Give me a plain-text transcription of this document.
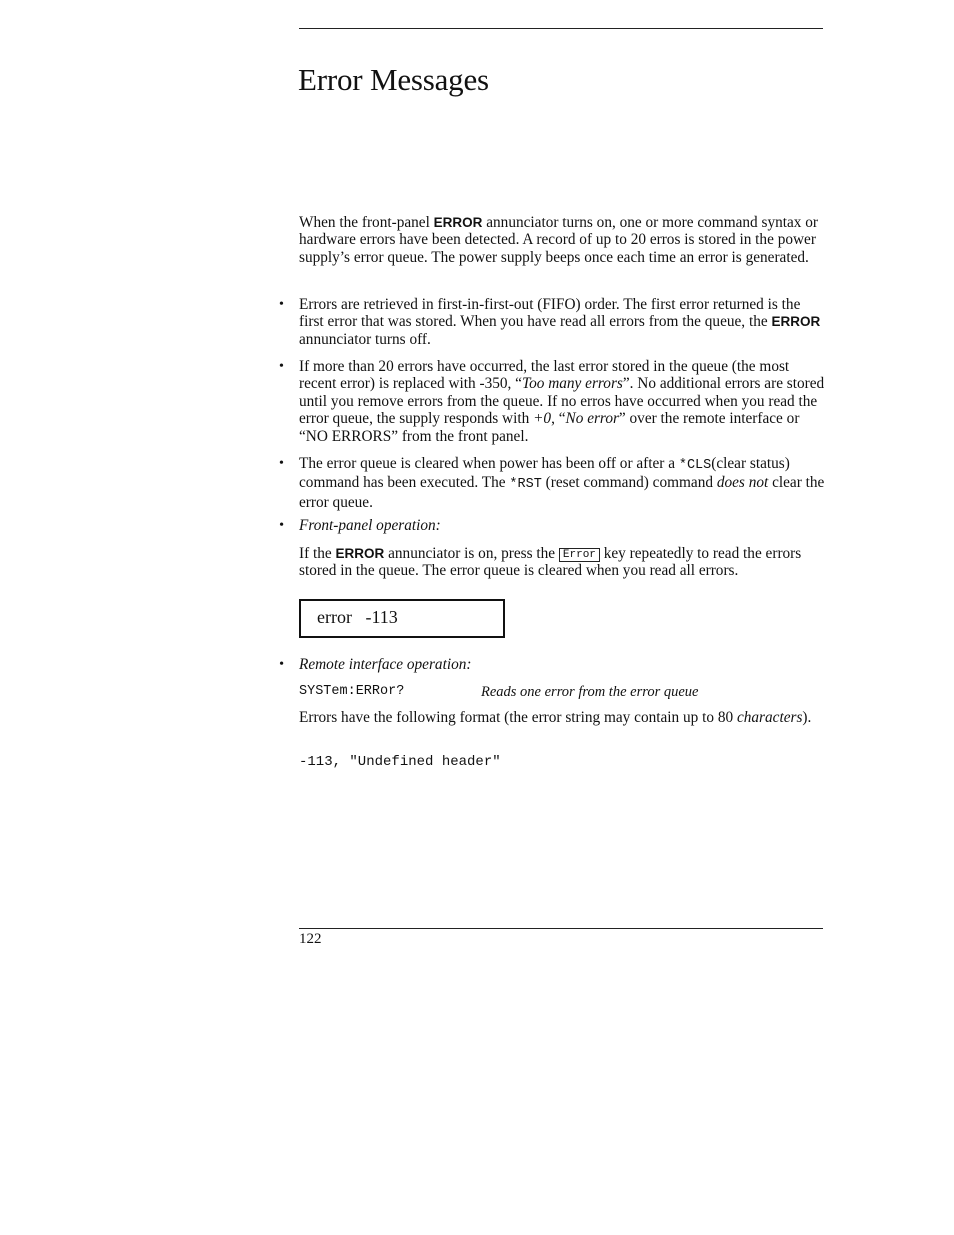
Error Messages

When the front-panel ERROR annunciator turns on, one or more command syntax or hardware errors have been detected. A record of up to 20 erros is stored in the power supply’s error queue. The power supply beeps once each time an error is generated.

• Errors are retrieved in first-in-first-out (FIFO) order. The first error returned is the first error that was stored. When you have read all errors from the queue, the ERROR annunciator turns off.

• If more than 20 errors have occurred, the last error stored in the queue (the most recent error) is replaced with -350, “Too many errors”. No additional errors are stored until you remove errors from the queue. If no erros have occurred when you read the error queue, the supply responds with +0, “No error” over the remote interface or “NO ERRORS” from the front panel.

• The error queue is cleared when power has been off or after a *CLS(clear status) command has been executed. The *RST (reset command) command does not clear the error queue.

• Front-panel operation:

If the ERROR annunciator is on, press the Error key repeatedly to read the errors stored in the queue. The error queue is cleared when you read all errors.

error   -113

• Remote interface operation:

SYSTem:ERRor?	Reads one error from the error queue

Errors have the following format (the error string may contain up to 80 characters).

-113, "Undefined header"
122
